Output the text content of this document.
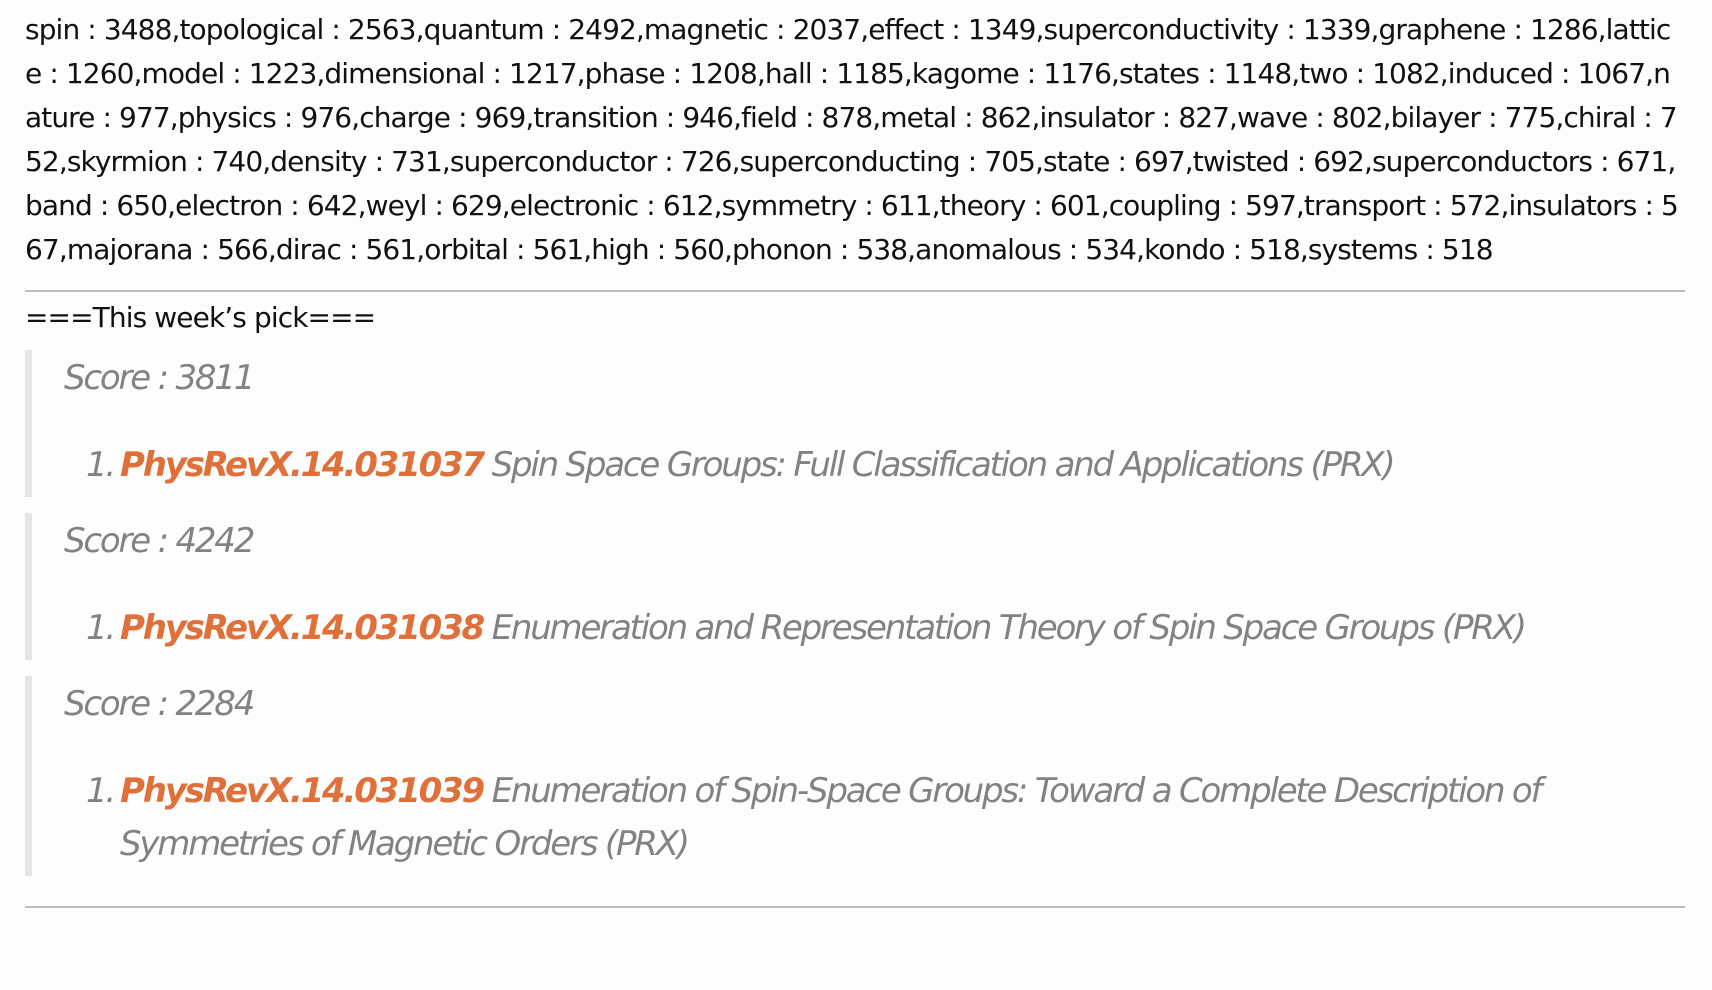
spin : 3488,topological : 2563,quantum : 2492,magnetic : 2037,effect : 1349,superconductivity : 1339,graphene : 1286,lattice : 1260,model : 1223,dimensional : 1217,phase : 1208,hall : 1185,kagome : 1176,states : 1148,two : 1082,induced : 1067,nature : 977,physics : 976,charge : 969,transition : 946,field : 878,metal : 862,insulator : 827,wave : 802,bilayer : 775,chiral : 752,skyrmion : 740,density : 731,superconductor : 726,superconducting : 705,state : 697,twisted : 692,superconductors : 671,band : 650,electron : 642,weyl : 629,electronic : 612,symmetry : 611,theory : 601,coupling : 597,transport : 572,insulators : 567,majorana : 566,dirac : 561,orbital : 561,high : 560,phonon : 538,anomalous : 534,kondo : 518,systems : 518

===This week’s pick===

Score : 3811

1. PhysRevX.14.031037 Spin Space Groups: Full Classification and Applications (PRX)

Score : 4242

1. PhysRevX.14.031038 Enumeration and Representation Theory of Spin Space Groups (PRX)

Score : 2284

1. PhysRevX.14.031039 Enumeration of Spin-Space Groups: Toward a Complete Description of Symmetries of Magnetic Orders (PRX)
